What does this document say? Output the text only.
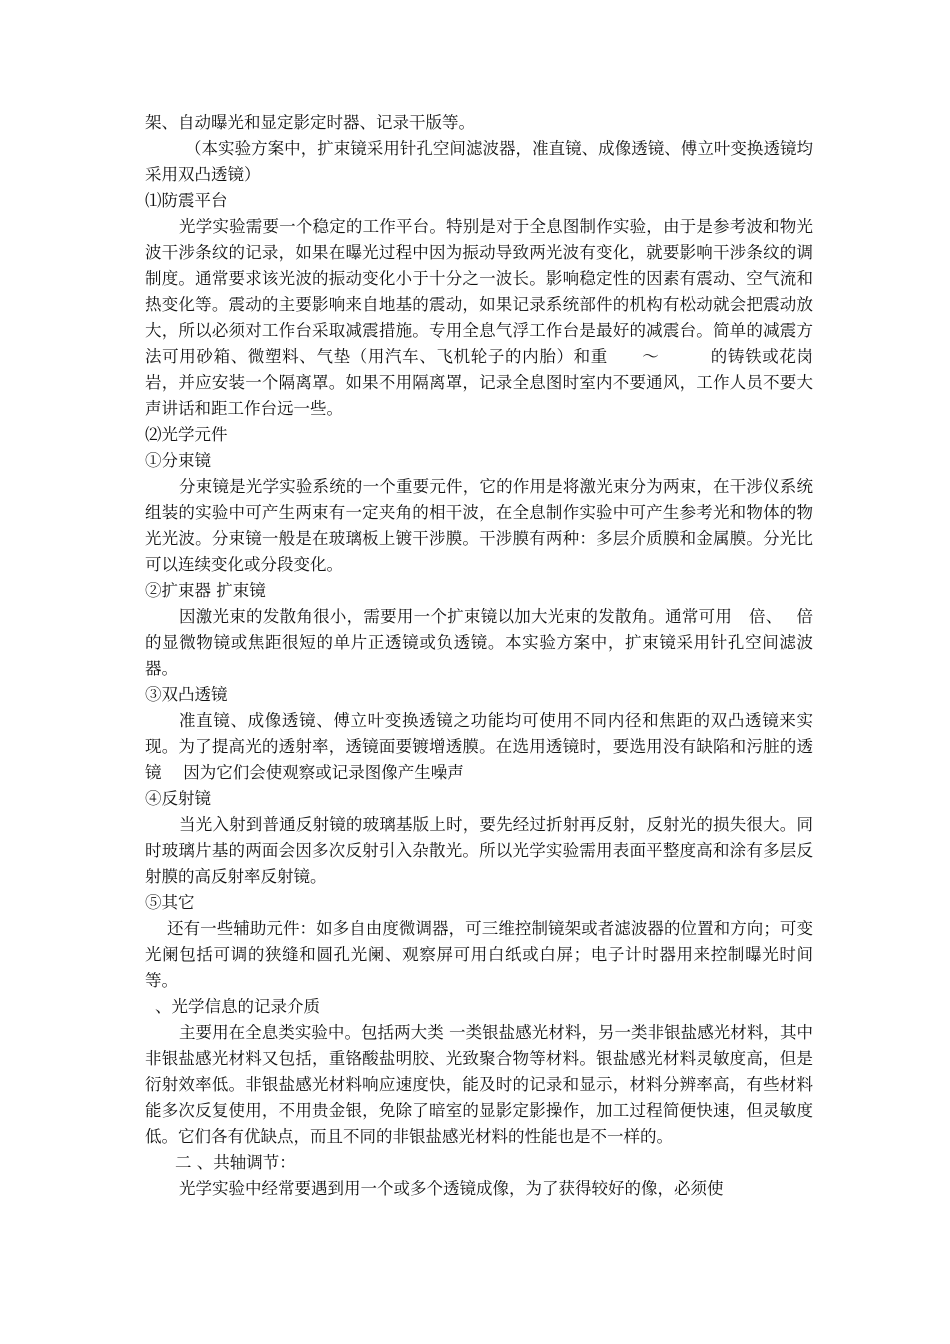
架、自动曝光和显定影定时器、记录干版等。

（本实验方案中，扩束镜采用针孔空间滤波器，准直镜、成像透镜、傅立叶变换透镜均采用双凸透镜）

⑴防震平台

光学实验需要一个稳定的工作平台。特别是对于全息图制作实验，由于是参考波和物光波干涉条纹的记录，如果在曝光过程中因为振动导致两光波有变化，就要影响干涉条纹的调制度。通常要求该光波的振动变化小于十分之一波长。影响稳定性的因素有震动、空气流和热变化等。震动的主要影响来自地基的震动，如果记录系统部件的机构有松动就会把震动放大，所以必须对工作台采取减震措施。专用全息气浮工作台是最好的减震台。简单的减震方法可用砂箱、微塑料、气垫（用汽车、飞机轮子的内胎）和重　　～　　　的铸铁或花岗岩，并应安装一个隔离罩。如果不用隔离罩，记录全息图时室内不要通风，工作人员不要大声讲话和距工作台远一些。

⑵光学元件

①分束镜

分束镜是光学实验系统的一个重要元件，它的作用是将激光束分为两束，在干涉仪系统组装的实验中可产生两束有一定夹角的相干波，在全息制作实验中可产生参考光和物体的物光光波。分束镜一般是在玻璃板上镀干涉膜。干涉膜有两种：多层介质膜和金属膜。分光比可以连续变化或分段变化。

②扩束器 扩束镜

因激光束的发散角很小，需要用一个扩束镜以加大光束的发散角。通常可用　倍、　 倍的显微物镜或焦距很短的单片正透镜或负透镜。本实验方案中，扩束镜采用针孔空间滤波器。

③双凸透镜

准直镜、成像透镜、傅立叶变换透镜之功能均可使用不同内径和焦距的双凸透镜来实现。为了提高光的透射率，透镜面要镀增透膜。在选用透镜时，要选用没有缺陷和污脏的透镜　 因为它们会使观察或记录图像产生噪声

④反射镜

当光入射到普通反射镜的玻璃基版上时，要先经过折射再反射，反射光的损失很大。同时玻璃片基的两面会因多次反射引入杂散光。所以光学实验需用表面平整度高和涂有多层反射膜的高反射率反射镜。

⑤其它

还有一些辅助元件：如多自由度微调器，可三维控制镜架或者滤波器的位置和方向；可变光阑包括可调的狭缝和圆孔光阑、观察屏可用白纸或白屏；电子计时器用来控制曝光时间等。

、光学信息的记录介质

主要用在全息类实验中。包括两大类 一类银盐感光材料，另一类非银盐感光材料，其中非银盐感光材料又包括，重铬酸盐明胶、光致聚合物等材料。银盐感光材料灵敏度高，但是衍射效率低。非银盐感光材料响应速度快，能及时的记录和显示，材料分辨率高，有些材料能多次反复使用，不用贵金银，免除了暗室的显影定影操作，加工过程简便快速，但灵敏度低。它们各有优缺点，而且不同的非银盐感光材料的性能也是不一样的。

二 、共轴调节：

光学实验中经常要遇到用一个或多个透镜成像，为了获得较好的像，必须使
